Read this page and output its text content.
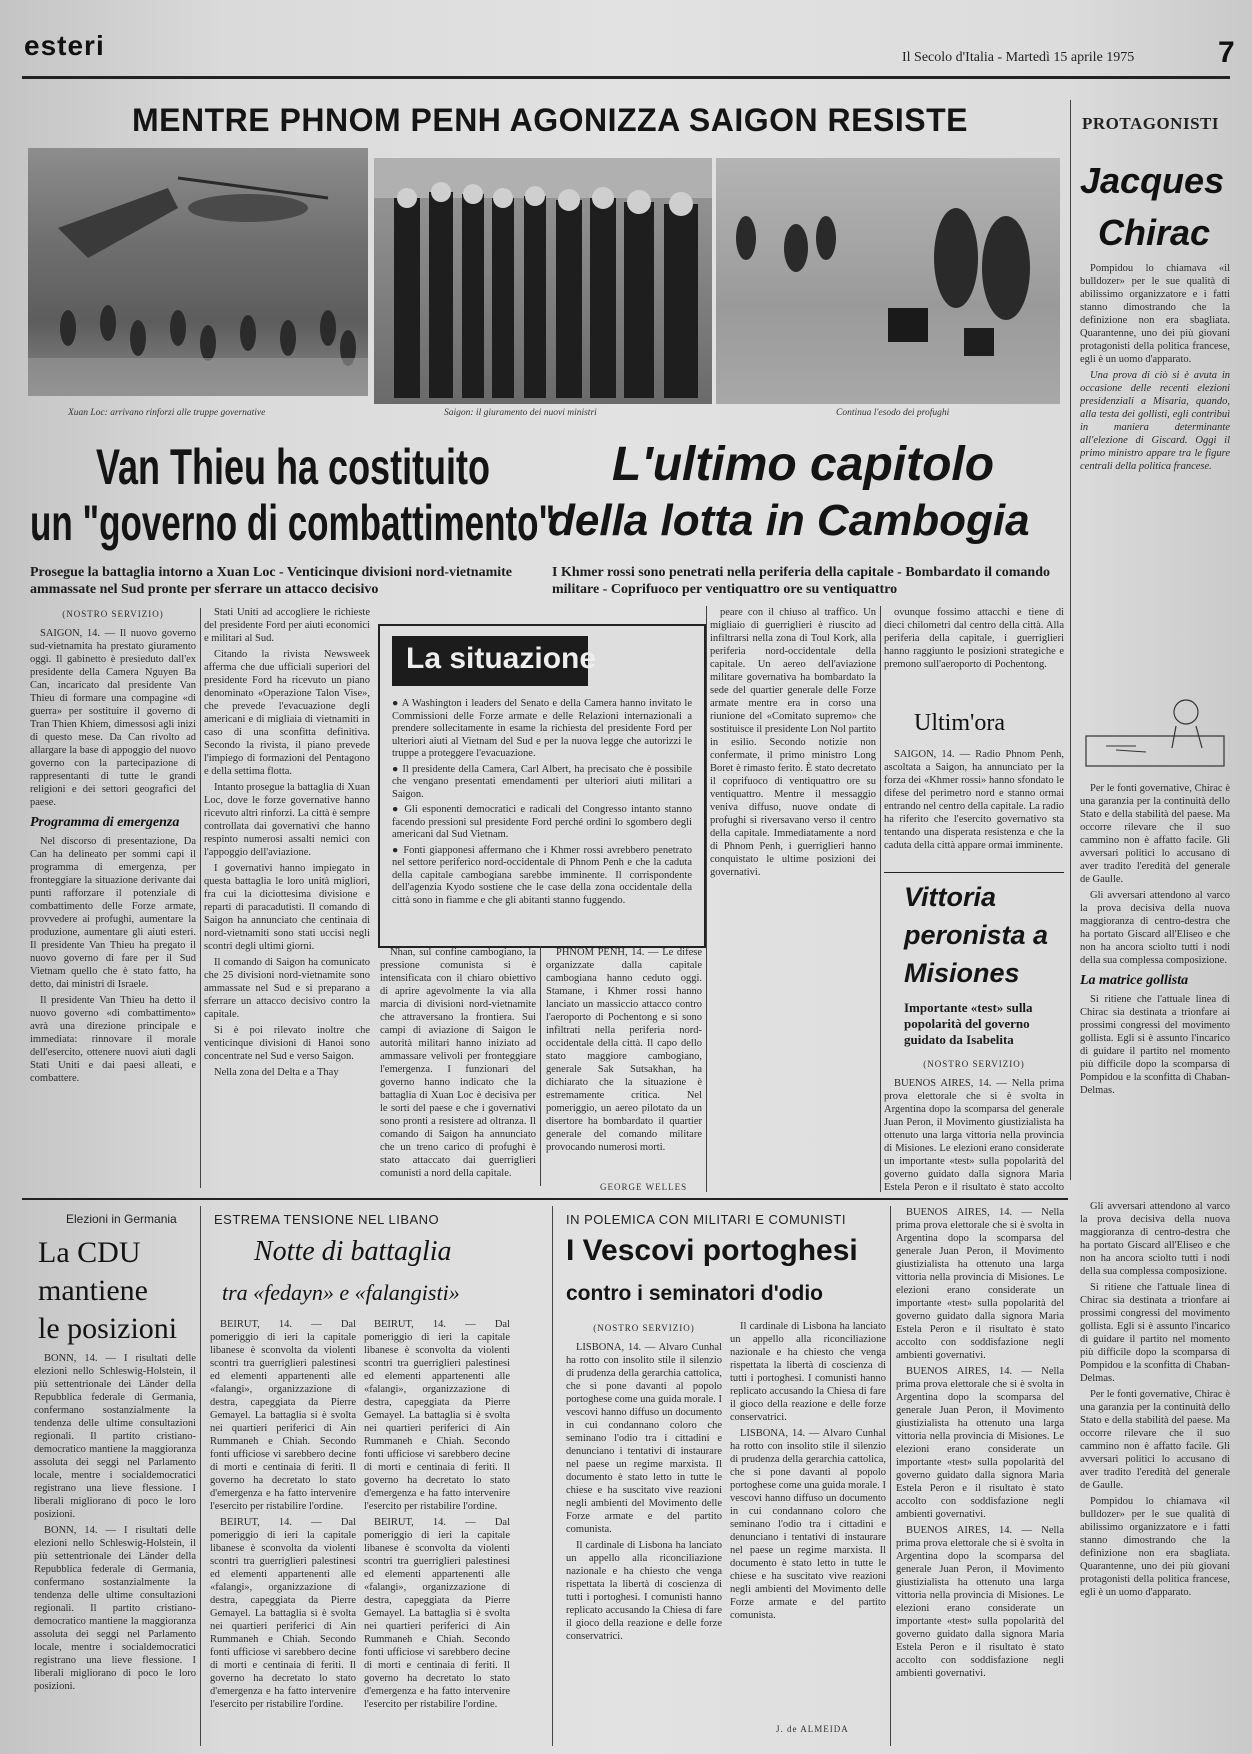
esteri	Il Secolo d'Italia - Martedì 15 aprile 1975	7
MENTRE PHNOM PENH AGONIZZA SAIGON RESISTE	PROTAGONISTI
Xuan Loc: arrivano rinforzi alle truppe governative	Saigon: il giuramento dei nuovi ministri	Continua l'esodo dei profughi
Jacques
Chirac

Pompidou lo chiamava «il bulldozer» per le sue qualità di abilissimo organizzatore e i fatti stanno dimostrando che la definizione non era sbagliata. Quarantenne, uno dei più giovani protagonisti della politica francese, egli è un uomo d'apparato.

Una prova di ciò si è avuta in occasione delle recenti elezioni presidenziali a Misaria, quando, alla testa dei gollisti, egli contribuì in maniera determinante all'elezione di Giscard. Oggi il primo ministro appare tra le figure centrali della politica francese.

Per le fonti governative, Chirac è una garanzia per la continuità dello Stato e della stabilità del paese. Ma occorre rilevare che il suo cammino non è affatto facile. Gli avversari politici lo accusano di aver tradito l'eredità del generale de Gaulle.

Gli avversari attendono al varco la prova decisiva della nuova maggioranza di centro-destra che ha portato Giscard all'Eliseo e che non ha ancora sciolto tutti i nodi della sua complessa composizione.

La matrice gollista

Si ritiene che l'attuale linea di Chirac sia destinata a trionfare ai prossimi congressi del movimento gollista. Egli si è assunto l'incarico di guidare il partito nel momento più difficile dopo la scomparsa di Pompidou e la sconfitta di Chaban-Delmas.

Gli avversari attendono al varco la prova decisiva della nuova maggioranza di centro-destra che ha portato Giscard all'Eliseo e che non ha ancora sciolto tutti i nodi della sua complessa composizione.

Si ritiene che l'attuale linea di Chirac sia destinata a trionfare ai prossimi congressi del movimento gollista. Egli si è assunto l'incarico di guidare il partito nel momento più difficile dopo la scomparsa di Pompidou e la sconfitta di Chaban-Delmas.

Per le fonti governative, Chirac è una garanzia per la continuità dello Stato e della stabilità del paese. Ma occorre rilevare che il suo cammino non è affatto facile. Gli avversari politici lo accusano di aver tradito l'eredità del generale de Gaulle.

Pompidou lo chiamava «il bulldozer» per le sue qualità di abilissimo organizzatore e i fatti stanno dimostrando che la definizione non era sbagliata. Quarantenne, uno dei più giovani protagonisti della politica francese, egli è un uomo d'apparato.

Van Thieu ha costituito
un "governo di combattimento"
Prosegue la battaglia intorno a Xuan Loc - Venticinque divisioni nord-vietnamite ammassate nel Sud pronte per sferrare un attacco decisivo
L'ultimo capitolo
della lotta in Cambogia
I Khmer rossi sono penetrati nella periferia della capitale - Bombardato il comando militare - Coprifuoco per ventiquattro ore su ventiquattro

(NOSTRO SERVIZIO)

SAIGON, 14. — Il nuovo governo sud-vietnamita ha prestato giuramento oggi. Il gabinetto è presieduto dall'ex presidente della Camera Nguyen Ba Can, incaricato dal presidente Van Thieu di formare una compagine «di guerra» per sostituire il governo di Tran Thien Khiem, dimessosi agli inizi di questo mese. Da Can rivolto ad allargare la base di appoggio del nuovo governo con la partecipazione di rappresentanti di tutte le grandi religioni e dei settori geografici del paese.

Programma di emergenza

Nel discorso di presentazione, Da Can ha delineato per sommi capi il programma di emergenza, per fronteggiare la situazione derivante dai punti rafforzare il potenziale di combattimento delle Forze armate, provvedere ai profughi, aumentare la produzione, aumentare gli aiuti esteri. Il presidente Van Thieu ha pregato il nuovo governo di fare per il Sud Vietnam quello che è stato fatto, ha detto, dai ministri di Israele.

Il presidente Van Thieu ha detto il nuovo governo «di combattimento» avrà una direzione principale e immediata: rinnovare il morale dell'esercito, ottenere nuovi aiuti dagli Stati Uniti e dai paesi alleati, e combattere.

Stati Uniti ad accogliere le richieste del presidente Ford per aiuti economici e militari al Sud.

Citando la rivista Newsweek afferma che due ufficiali superiori del presidente Ford ha ricevuto un piano denominato «Operazione Talon Vise», che prevede l'evacuazione degli americani e di migliaia di vietnamiti in caso di una sconfitta definitiva. Secondo la rivista, il piano prevede l'impiego di formazioni del Pentagono e della settima flotta.

Intanto prosegue la battaglia di Xuan Loc, dove le forze governative hanno ricevuto altri rinforzi. La città è sempre controllata dai governativi che hanno respinto numerosi assalti nemici con l'appoggio dell'aviazione.

I governativi hanno impiegato in questa battaglia le loro unità migliori, fra cui la diciottesima divisione e reparti di paracadutisti. Il comando di Saigon ha annunciato che centinaia di nord-vietnamiti sono stati uccisi negli scontri degli ultimi giorni.

Il comando di Saigon ha comunicato che 25 divisioni nord-vietnamite sono ammassate nel Sud e si preparano a sferrare un attacco decisivo contro la capitale.

Si è poi rilevato inoltre che venticinque divisioni di Hanoi sono concentrate nel Sud e verso Saigon.

Nella zona del Delta e a Thay

La situazione

● A Washington i leaders del Senato e della Camera hanno invitato le Commissioni delle Forze armate e delle Relazioni internazionali a prendere sollecitamente in esame la richiesta del presidente Ford per ulteriori aiuti al Vietnam del Sud e per la nuova legge che autorizzi le truppe a proteggere l'evacuazione.

● Il presidente della Camera, Carl Albert, ha precisato che è possibile che vengano presentati emendamenti per ulteriori aiuti militari a Saigon.

● Gli esponenti democratici e radicali del Congresso intanto stanno facendo pressioni sul presidente Ford perché ordini lo sgombero degli americani dal Sud Vietnam.

● Fonti giapponesi affermano che i Khmer rossi avrebbero penetrato nel settore periferico nord-occidentale di Phnom Penh e che la caduta della capitale cambogiana sarebbe imminente. Il corrispondente dell'agenzia Kyodo sostiene che le case della zona occidentale della città sono in fiamme e che gli abitanti stanno fuggendo.

Nhan, sul confine cambogiano, la pressione comunista si è intensificata con il chiaro obiettivo di aprire agevolmente la via alla marcia di divisioni nord-vietnamite che attraversano la frontiera. Sui campi di aviazione di Saigon le autorità militari hanno iniziato ad ammassare velivoli per fronteggiare l'emergenza. I funzionari del governo hanno indicato che la battaglia di Xuan Loc è decisiva per le sorti del paese e che i governativi sono pronti a resistere ad oltranza. Il comando di Saigon ha annunciato che un treno carico di profughi è stato attaccato dai guerriglieri comunisti a nord della capitale.

PHNOM PENH, 14. — Le difese organizzate dalla capitale cambogiana hanno ceduto oggi. Stamane, i Khmer rossi hanno lanciato un massiccio attacco contro l'aeroporto di Pochentong e si sono infiltrati nella periferia nord-occidentale della città. Il capo dello stato maggiore cambogiano, generale Sak Sutsakhan, ha dichiarato che la situazione è estremamente critica. Nel pomeriggio, un aereo pilotato da un disertore ha bombardato il quartier generale del comando militare provocando numerosi morti.

GEORGE WELLES

peare con il chiuso al traffico. Un migliaio di guerriglieri è riuscito ad infiltrarsi nella zona di Toul Kork, alla periferia nord-occidentale della capitale. Un aereo dell'aviazione militare governativa ha bombardato la sede del quartier generale delle Forze armate mentre era in corso una riunione del «Comitato supremo» che sostituisce il presidente Lon Nol partito in esilio. Secondo notizie non confermate, il primo ministro Long Boret è rimasto ferito. È stato decretato il coprifuoco di ventiquattro ore su ventiquattro. Mentre il messaggio veniva diffuso, nuove ondate di profughi si riversavano verso il centro della capitale. Immediatamente a nord di Phnom Penh, i guerriglieri hanno conquistato le ultime posizioni dei governativi.

ovunque fossimo attacchi e tiene di dieci chilometri dal centro della città. Alla periferia della capitale, i guerriglieri hanno raggiunto le posizioni strategiche e premono sull'aeroporto di Pochentong.

Ultim'ora

SAIGON, 14. — Radio Phnom Penh, ascoltata a Saigon, ha annunciato per la forza dei «Khmer rossi» hanno sfondato le difese del perimetro nord e stanno ormai entrando nel centro della capitale. La radio ha riferito che l'esercito governativo sta tentando una disperata resistenza e che la caduta della città appare ormai imminente.

Vittoria peronista a Misiones
Importante «test» sulla popolarità del governo guidato da Isabelita

(NOSTRO SERVIZIO)

BUENOS AIRES, 14. — Nella prima prova elettorale che si è svolta in Argentina dopo la scomparsa del generale Juan Peron, il Movimento giustizialista ha ottenuto una larga vittoria nella provincia di Misiones. Le elezioni erano considerate un importante «test» sulla popolarità del governo guidato dalla signora Maria Estela Peron e il risultato è stato accolto

Elezioni in Germania
La CDU
mantiene
le posizioni

BONN, 14. — I risultati delle elezioni nello Schleswig-Holstein, il più settentrionale dei Länder della Repubblica federale di Germania, confermano sostanzialmente la tendenza delle ultime consultazioni regionali. Il partito cristiano-democratico mantiene la maggioranza assoluta dei seggi nel Parlamento locale, mentre i socialdemocratici registrano una lieve flessione. I liberali migliorano di poco le loro posizioni.

BONN, 14. — I risultati delle elezioni nello Schleswig-Holstein, il più settentrionale dei Länder della Repubblica federale di Germania, confermano sostanzialmente la tendenza delle ultime consultazioni regionali. Il partito cristiano-democratico mantiene la maggioranza assoluta dei seggi nel Parlamento locale, mentre i socialdemocratici registrano una lieve flessione. I liberali migliorano di poco le loro posizioni.

ESTREMA TENSIONE NEL LIBANO
Notte di battaglia
tra «fedayn» e «falangisti»

BEIRUT, 14. — Dal pomeriggio di ieri la capitale libanese è sconvolta da violenti scontri tra guerriglieri palestinesi ed elementi appartenenti alle «falangi», organizzazione di destra, capeggiata da Pierre Gemayel. La battaglia si è svolta nei quartieri periferici di Ain Rummaneh e Chiah. Secondo fonti ufficiose vi sarebbero decine di morti e centinaia di feriti. Il governo ha decretato lo stato d'emergenza e ha fatto intervenire l'esercito per ristabilire l'ordine.

BEIRUT, 14. — Dal pomeriggio di ieri la capitale libanese è sconvolta da violenti scontri tra guerriglieri palestinesi ed elementi appartenenti alle «falangi», organizzazione di destra, capeggiata da Pierre Gemayel. La battaglia si è svolta nei quartieri periferici di Ain Rummaneh e Chiah. Secondo fonti ufficiose vi sarebbero decine di morti e centinaia di feriti. Il governo ha decretato lo stato d'emergenza e ha fatto intervenire l'esercito per ristabilire l'ordine.

BEIRUT, 14. — Dal pomeriggio di ieri la capitale libanese è sconvolta da violenti scontri tra guerriglieri palestinesi ed elementi appartenenti alle «falangi», organizzazione di destra, capeggiata da Pierre Gemayel. La battaglia si è svolta nei quartieri periferici di Ain Rummaneh e Chiah. Secondo fonti ufficiose vi sarebbero decine di morti e centinaia di feriti. Il governo ha decretato lo stato d'emergenza e ha fatto intervenire l'esercito per ristabilire l'ordine.

BEIRUT, 14. — Dal pomeriggio di ieri la capitale libanese è sconvolta da violenti scontri tra guerriglieri palestinesi ed elementi appartenenti alle «falangi», organizzazione di destra, capeggiata da Pierre Gemayel. La battaglia si è svolta nei quartieri periferici di Ain Rummaneh e Chiah. Secondo fonti ufficiose vi sarebbero decine di morti e centinaia di feriti. Il governo ha decretato lo stato d'emergenza e ha fatto intervenire l'esercito per ristabilire l'ordine.

IN POLEMICA CON MILITARI E COMUNISTI
I Vescovi portoghesi
contro i seminatori d'odio

(NOSTRO SERVIZIO)

LISBONA, 14. — Alvaro Cunhal ha rotto con insolito stile il silenzio di prudenza della gerarchia cattolica, che si pone davanti al popolo portoghese come una guida morale. I vescovi hanno diffuso un documento in cui condannano coloro che seminano l'odio tra i cittadini e denunciano i tentativi di instaurare nel paese un regime marxista. Il documento è stato letto in tutte le chiese e ha suscitato vive reazioni negli ambienti del Movimento delle Forze armate e del partito comunista.

Il cardinale di Lisbona ha lanciato un appello alla riconciliazione nazionale e ha chiesto che venga rispettata la libertà di coscienza di tutti i portoghesi. I comunisti hanno replicato accusando la Chiesa di fare il gioco della reazione e delle forze conservatrici.

Il cardinale di Lisbona ha lanciato un appello alla riconciliazione nazionale e ha chiesto che venga rispettata la libertà di coscienza di tutti i portoghesi. I comunisti hanno replicato accusando la Chiesa di fare il gioco della reazione e delle forze conservatrici.

LISBONA, 14. — Alvaro Cunhal ha rotto con insolito stile il silenzio di prudenza della gerarchia cattolica, che si pone davanti al popolo portoghese come una guida morale. I vescovi hanno diffuso un documento in cui condannano coloro che seminano l'odio tra i cittadini e denunciano i tentativi di instaurare nel paese un regime marxista. Il documento è stato letto in tutte le chiese e ha suscitato vive reazioni negli ambienti del Movimento delle Forze armate e del partito comunista.

J. de ALMEIDA

BUENOS AIRES, 14. — Nella prima prova elettorale che si è svolta in Argentina dopo la scomparsa del generale Juan Peron, il Movimento giustizialista ha ottenuto una larga vittoria nella provincia di Misiones. Le elezioni erano considerate un importante «test» sulla popolarità del governo guidato dalla signora Maria Estela Peron e il risultato è stato accolto con soddisfazione negli ambienti governativi.

BUENOS AIRES, 14. — Nella prima prova elettorale che si è svolta in Argentina dopo la scomparsa del generale Juan Peron, il Movimento giustizialista ha ottenuto una larga vittoria nella provincia di Misiones. Le elezioni erano considerate un importante «test» sulla popolarità del governo guidato dalla signora Maria Estela Peron e il risultato è stato accolto con soddisfazione negli ambienti governativi.

BUENOS AIRES, 14. — Nella prima prova elettorale che si è svolta in Argentina dopo la scomparsa del generale Juan Peron, il Movimento giustizialista ha ottenuto una larga vittoria nella provincia di Misiones. Le elezioni erano considerate un importante «test» sulla popolarità del governo guidato dalla signora Maria Estela Peron e il risultato è stato accolto con soddisfazione negli ambienti governativi.
